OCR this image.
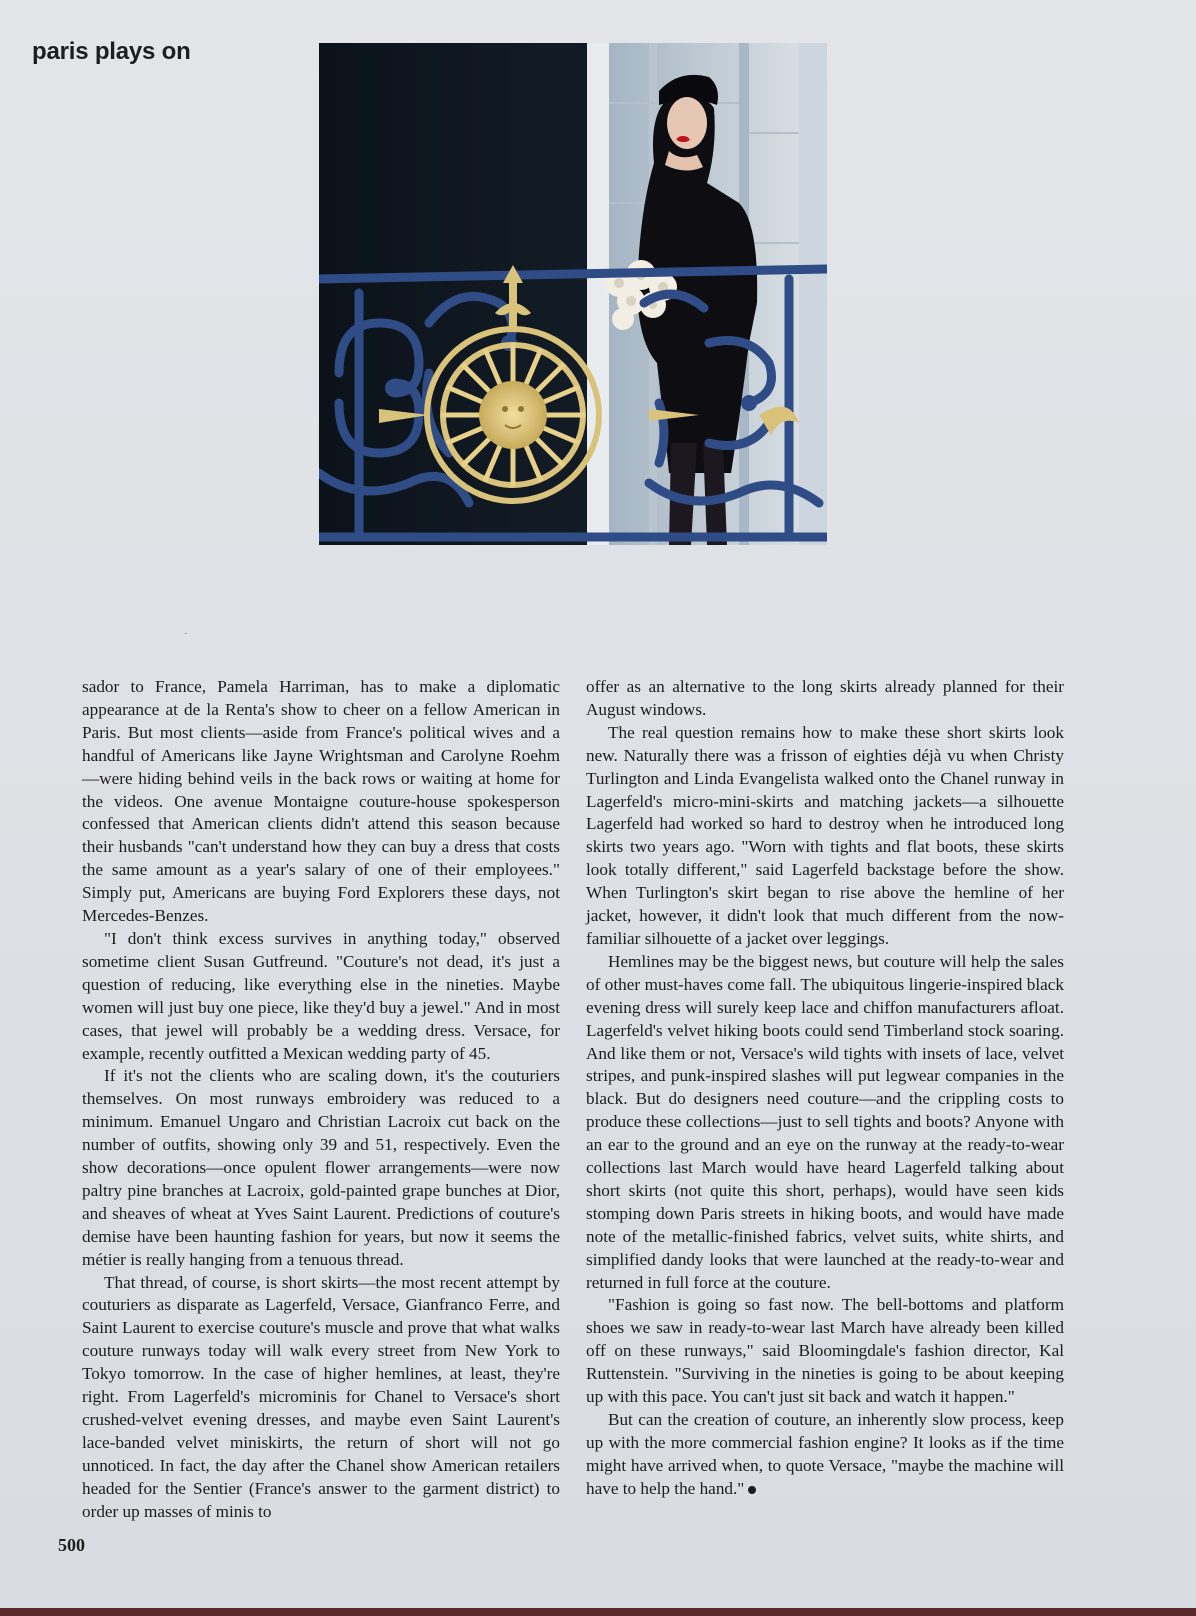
paris plays on
˷

sador to France, Pamela Harriman, has to make a diplomatic appearance at de la Renta's show to cheer on a fellow American in Paris. But most clients—aside from France's political wives and a handful of Americans like Jayne Wrightsman and Carolyne Roehm—were hiding behind veils in the back rows or waiting at home for the videos. One avenue Montaigne couture-house spokesperson confessed that American clients didn't attend this season because their husbands "can't understand how they can buy a dress that costs the same amount as a year's salary of one of their employees." Simply put, Americans are buying Ford Explorers these days, not Mercedes-Benzes.

"I don't think excess survives in anything today," observed sometime client Susan Gutfreund. "Couture's not dead, it's just a question of reducing, like everything else in the nineties. Maybe women will just buy one piece, like they'd buy a jewel." And in most cases, that jewel will probably be a wedding dress. Versace, for example, recently outfitted a Mexican wedding party of 45.

If it's not the clients who are scaling down, it's the couturiers themselves. On most runways embroidery was reduced to a minimum. Emanuel Ungaro and Christian Lacroix cut back on the number of outfits, showing only 39 and 51, respectively. Even the show decorations—once opulent flower arrangements—were now paltry pine branches at Lacroix, gold-painted grape bunches at Dior, and sheaves of wheat at Yves Saint Laurent. Predictions of couture's demise have been haunting fashion for years, but now it seems the métier is really hanging from a tenuous thread.

That thread, of course, is short skirts—the most recent attempt by couturiers as disparate as Lagerfeld, Versace, Gianfranco Ferre, and Saint Laurent to exercise couture's muscle and prove that what walks couture runways today will walk every street from New York to Tokyo tomorrow. In the case of higher hemlines, at least, they're right. From Lagerfeld's microminis for Chanel to Versace's short crushed-velvet evening dresses, and maybe even Saint Laurent's lace-banded velvet miniskirts, the return of short will not go unnoticed. In fact, the day after the Chanel show American retailers headed for the Sentier (France's answer to the garment district) to order up masses of minis to

offer as an alternative to the long skirts already planned for their August windows.

The real question remains how to make these short skirts look new. Naturally there was a frisson of eighties déjà vu when Christy Turlington and Linda Evangelista walked onto the Chanel runway in Lagerfeld's micro-mini-skirts and matching jackets—a silhouette Lagerfeld had worked so hard to destroy when he introduced long skirts two years ago. "Worn with tights and flat boots, these skirts look totally different," said Lagerfeld backstage before the show. When Turlington's skirt began to rise above the hemline of her jacket, however, it didn't look that much different from the now-familiar silhouette of a jacket over leggings.

Hemlines may be the biggest news, but couture will help the sales of other must-haves come fall. The ubiquitous lingerie-inspired black evening dress will surely keep lace and chiffon manufacturers afloat. Lagerfeld's velvet hiking boots could send Timberland stock soaring. And like them or not, Versace's wild tights with insets of lace, velvet stripes, and punk-inspired slashes will put legwear companies in the black. But do designers need couture—and the crippling costs to produce these collections—just to sell tights and boots? Anyone with an ear to the ground and an eye on the runway at the ready-to-wear collections last March would have heard Lagerfeld talking about short skirts (not quite this short, perhaps), would have seen kids stomping down Paris streets in hiking boots, and would have made note of the metallic-finished fabrics, velvet suits, white shirts, and simplified dandy looks that were launched at the ready-to-wear and returned in full force at the couture.

"Fashion is going so fast now. The bell-bottoms and platform shoes we saw in ready-to-wear last March have already been killed off on these runways," said Bloomingdale's fashion director, Kal Ruttenstein. "Surviving in the nineties is going to be about keeping up with this pace. You can't just sit back and watch it happen."

But can the creation of couture, an inherently slow process, keep up with the more commercial fashion engine? It looks as if the time might have arrived when, to quote Versace, "maybe the machine will have to help the hand."

500
